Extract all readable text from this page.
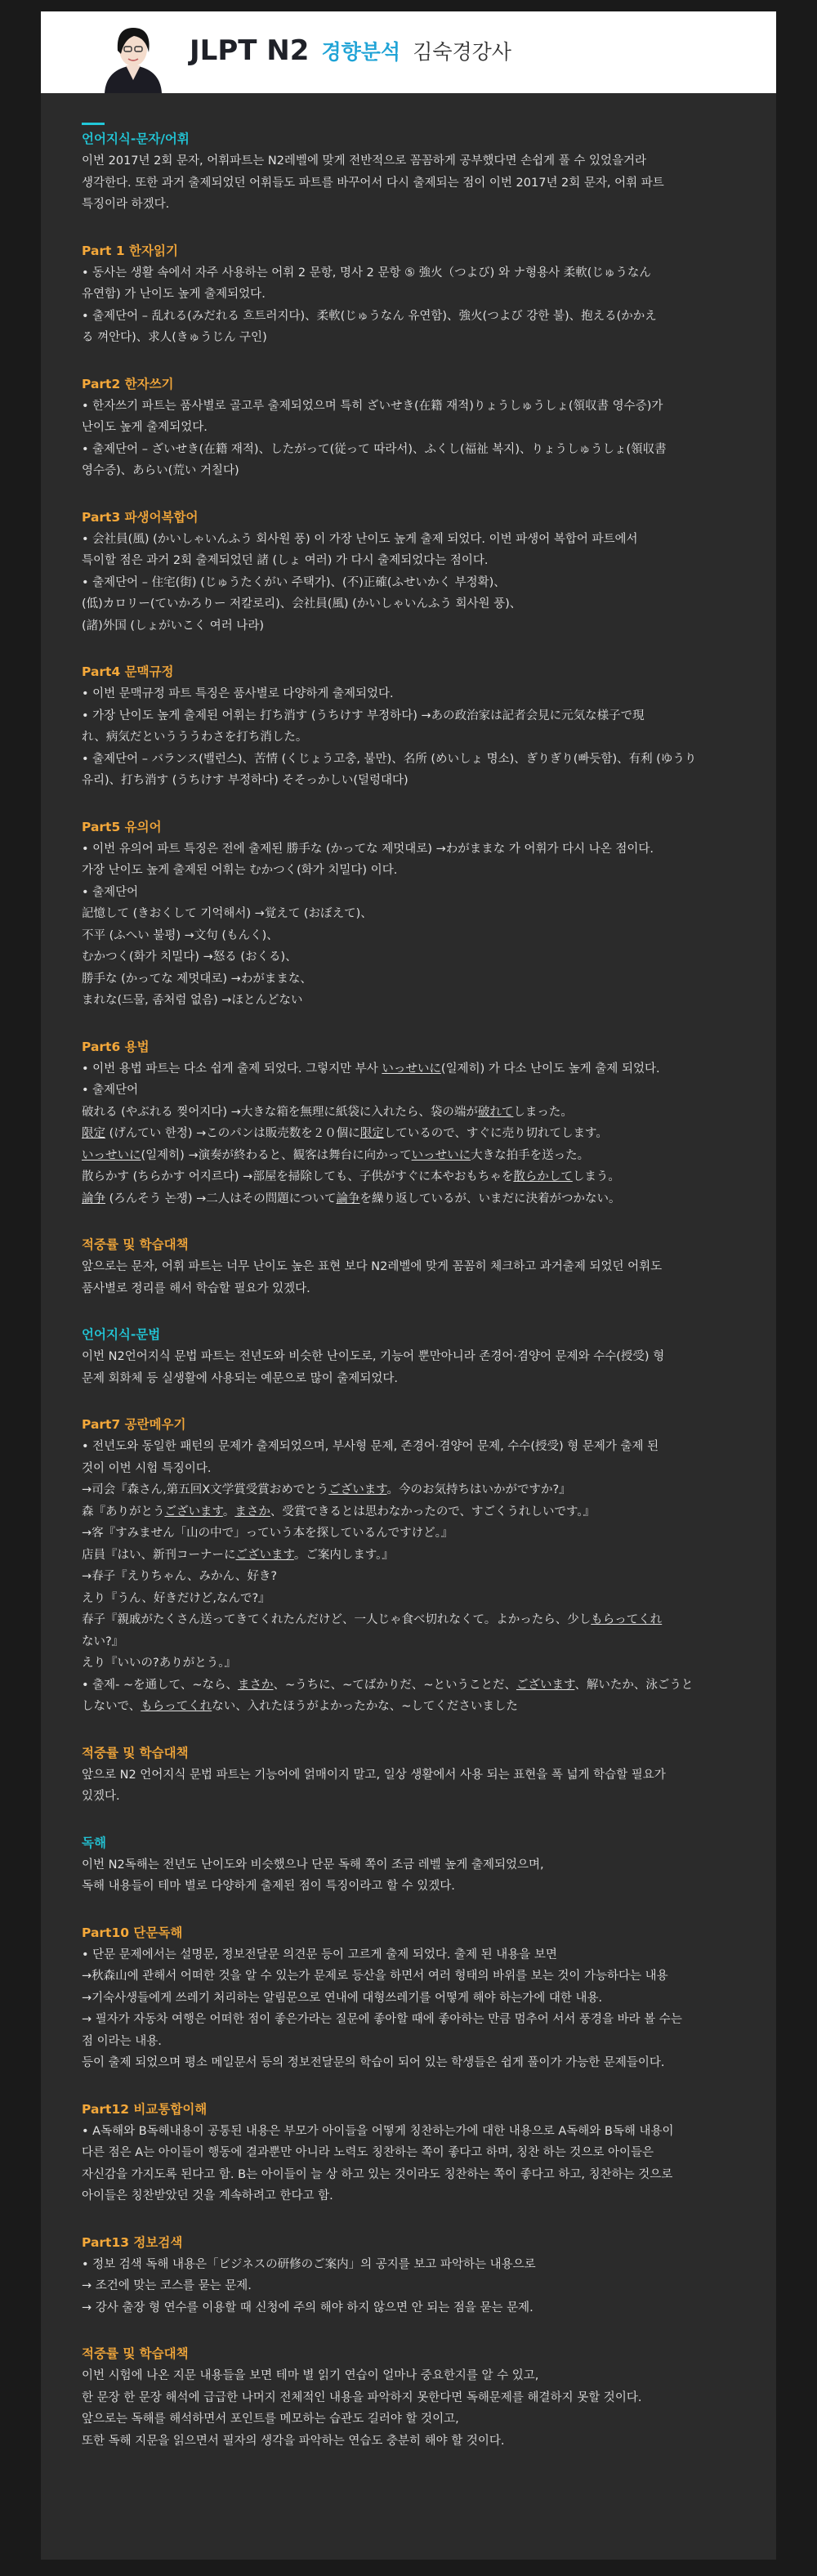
JLPT N2 경향분석 김숙경강사
언어지식-문자/어휘
이번 2017년 2회 문자, 어휘파트는 N2레벨에 맞게 전반적으로 꼼꼼하게 공부했다면 손쉽게 풀 수 있었을거라
생각한다. 또한 과거 출제되었던 어휘들도 파트를 바꾸어서 다시 출제되는 점이 이번 2017년 2회 문자, 어휘 파트
특징이라 하겠다.
Part 1 한자읽기
• 동사는 생활 속에서 자주 사용하는 어휘 2 문항, 명사 2 문항 ⑤ 強火（つよび) 와 ナ형용사 柔軟(じゅうなん
유연함) 가 난이도 높게 출제되었다.
• 출제단어 – 乱れる(みだれる 흐트러지다)、柔軟(じゅうなん 유연함)、強火(つよび 강한 불)、抱える(かかえ
る 껴안다)、求人(きゅうじん 구인)
Part2 한자쓰기
• 한자쓰기 파트는 품사별로 골고루 출제되었으며 특히 ざいせき(在籍 재적)りょうしゅうしょ(領収書 영수증)가
난이도 높게 출제되었다.
• 출제단어 – ざいせき(在籍 재적)、したがって(従って 따라서)、ふくし(福祉 복지)、りょうしゅうしょ(領収書
영수증)、あらい(荒い 거칠다)
Part3 파생어복합어
• 会社員(風) (かいしゃいんふう 회사원 풍) 이 가장 난이도 높게 출제 되었다. 이번 파생어 복합어 파트에서
특이할 점은 과거 2회 출제되었던 諸 (しょ 여러) 가 다시 출제되었다는 점이다.
• 출제단어 – 住宅(街) (じゅうたくがい 주택가)、(不)正確(ふせいかく 부정확)、
(低)カロリー(ていかろりー 저칼로리)、会社員(風) (かいしゃいんふう 회사원 풍)、
(諸)外国 (しょがいこく 여러 나라)
Part4 문맥규정
• 이번 문맥규정 파트 특징은 품사별로 다양하게 출제되었다.
• 가장 난이도 높게 출제된 어휘는 打ち消す (うちけす 부정하다) →あの政治家は記者会見に元気な様子で現
れ、病気だというううわさを打ち消した。
• 출제단어 – バランス(밸런스)、苦情 (くじょう고충, 불만)、名所 (めいしょ 명소)、ぎりぎり(빠듯함)、有利 (ゆうり
유리)、打ち消す (うちけす 부정하다) そそっかしい(덜렁대다)
Part5 유의어
• 이번 유의어 파트 특징은 전에 출제된 勝手な (かってな 제멋대로) →わがままな 가 어휘가 다시 나온 점이다.
가장 난이도 높게 출제된 어휘는 むかつく(화가 치밀다) 이다.
• 출제단어
記憶して (きおくして 기억해서) →覚えて (おぼえて)、
不平 (ふへい 불평) →文句 (もんく)、
むかつく(화가 치밀다) →怒る (おくる)、
勝手な (かってな 제멋대로) →わがままな、
まれな(드물, 좀처럼 없음) →ほとんどない
Part6 용법
• 이번 용법 파트는 다소 쉽게 출제 되었다. 그렇지만 부사 いっせいに(일제히) 가 다소 난이도 높게 출제 되었다.
• 출제단어
破れる (やぶれる 찢어지다) →大きな箱を無理に紙袋に入れたら、袋の端が破れてしまった。
限定 (げんてい 한정) →このパンは販売数を２０個に限定しているので、すぐに売り切れてします。
いっせいに(일제히) →演奏が終わると、観客は舞台に向かっていっせいに大きな拍手を送った。
散らかす (ちらかす 어지르다) →部屋を掃除しても、子供がすぐに本やおもちゃを散らかしてしまう。
論争 (ろんそう 논쟁) →二人はその問題について論争を繰り返しているが、いまだに決着がつかない。
적중률 및 학습대책
앞으로는 문자, 어휘 파트는 너무 난이도 높은 표현 보다 N2레벨에 맞게 꼼꼼히 체크하고 과거출제 되었던 어휘도
품사별로 정리를 해서 학습할 필요가 있겠다.
언어지식-문법
이번 N2언어지식 문법 파트는 전년도와 비슷한 난이도로, 기능어 뿐만아니라 존경어·겸양어 문제와 수수(授受) 형
문제 회화체 등 실생활에 사용되는 예문으로 많이 출제되었다.
Part7 공란메우기
• 전년도와 동일한 패턴의 문제가 출제되었으며, 부사형 문제, 존경어·겸양어 문제, 수수(授受) 형 문제가 출제 된
것이 이번 시험 특징이다.
→司会『森さん,第五回X文学賞受賞おめでとうございます。今のお気持ちはいかがですか?』
森『ありがとうございます。まさか、受賞できるとは思わなかったので、すごくうれしいです。』
→客『すみません「山の中で」っていう本を探しているんですけど。』
店員『はい、新刊コーナーにございます。ご案内します。』
→春子『えりちゃん、みかん、好き?
えり『うん、好きだけど,なんで?』
春子『親戚がたくさん送ってきてくれたんだけど、一人じゃ食べ切れなくて。よかったら、少しもらってくれ
ない?』
えり『いいの?ありがとう。』
• 출제- ~を通して、~なら、まさか、~うちに、~てばかりだ、~ということだ、ございます、解いたか、泳ごうと
しないで、もらってくれない、入れたほうがよかったかな、~してくださいました
적중률 및 학습대책
앞으로 N2 언어지식 문법 파트는 기능어에 얽매이지 말고, 일상 생활에서 사용 되는 표현을 폭 넓게 학습할 필요가
있겠다.
독해
이번 N2독해는 전년도 난이도와 비슷했으나 단문 독해 쪽이 조금 레벨 높게 출제되었으며,
독해 내용들이 테마 별로 다양하게 출제된 점이 특징이라고 할 수 있겠다.
Part10 단문독해
• 단문 문제에서는 설명문, 정보전달문 의견문 등이 고르게 출제 되었다. 출제 된 내용을 보면
→秋森山에 관해서 어떠한 것을 알 수 있는가 문제로 등산을 하면서 여러 형태의 바위를 보는 것이 가능하다는 내용
→기숙사생들에게 쓰레기 처리하는 알림문으로 연내에 대형쓰레기를 어떻게 해야 하는가에 대한 내용.
→ 필자가 자동차 여행은 어떠한 점이 좋은가라는 질문에 좋아할 때에 좋아하는 만큼 멈추어 서서 풍경을 바라 볼 수는
점 이라는 내용.
등이 출제 되었으며 평소 메일문서 등의 정보전달문의 학습이 되어 있는 학생들은 쉽게 풀이가 가능한 문제들이다.
Part12 비교통합이해
• A독해와 B독해내용이 공통된 내용은 부모가 아이들을 어떻게 칭찬하는가에 대한 내용으로 A독해와 B독해 내용이
다른 점은 A는 아이들이 행동에 결과뿐만 아니라 노력도 칭찬하는 쪽이 좋다고 하며, 칭찬 하는 것으로 아이들은
자신감을 가지도록 된다고 함. B는 아이들이 늘 상 하고 있는 것이라도 칭찬하는 쪽이 좋다고 하고, 칭찬하는 것으로
아이들은 칭찬받았던 것을 계속하려고 한다고 함.
Part13 정보검색
• 정보 검색 독해 내용은「ビジネスの研修のご案内」의 공지를 보고 파악하는 내용으로
→ 조건에 맞는 코스를 묻는 문제.
→ 강사 출장 형 연수를 이용할 때 신청에 주의 해야 하지 않으면 안 되는 점을 묻는 문제.
적중률 및 학습대책
이번 시험에 나온 지문 내용들을 보면 테마 별 읽기 연습이 얼마나 중요한지를 알 수 있고,
한 문장 한 문장 해석에 급급한 나머지 전체적인 내용을 파악하지 못한다면 독해문제를 해결하지 못할 것이다.
앞으로는 독해를 해석하면서 포인트를 메모하는 습관도 길러야 할 것이고,
또한 독해 지문을 읽으면서 필자의 생각을 파악하는 연습도 충분히 해야 할 것이다.
